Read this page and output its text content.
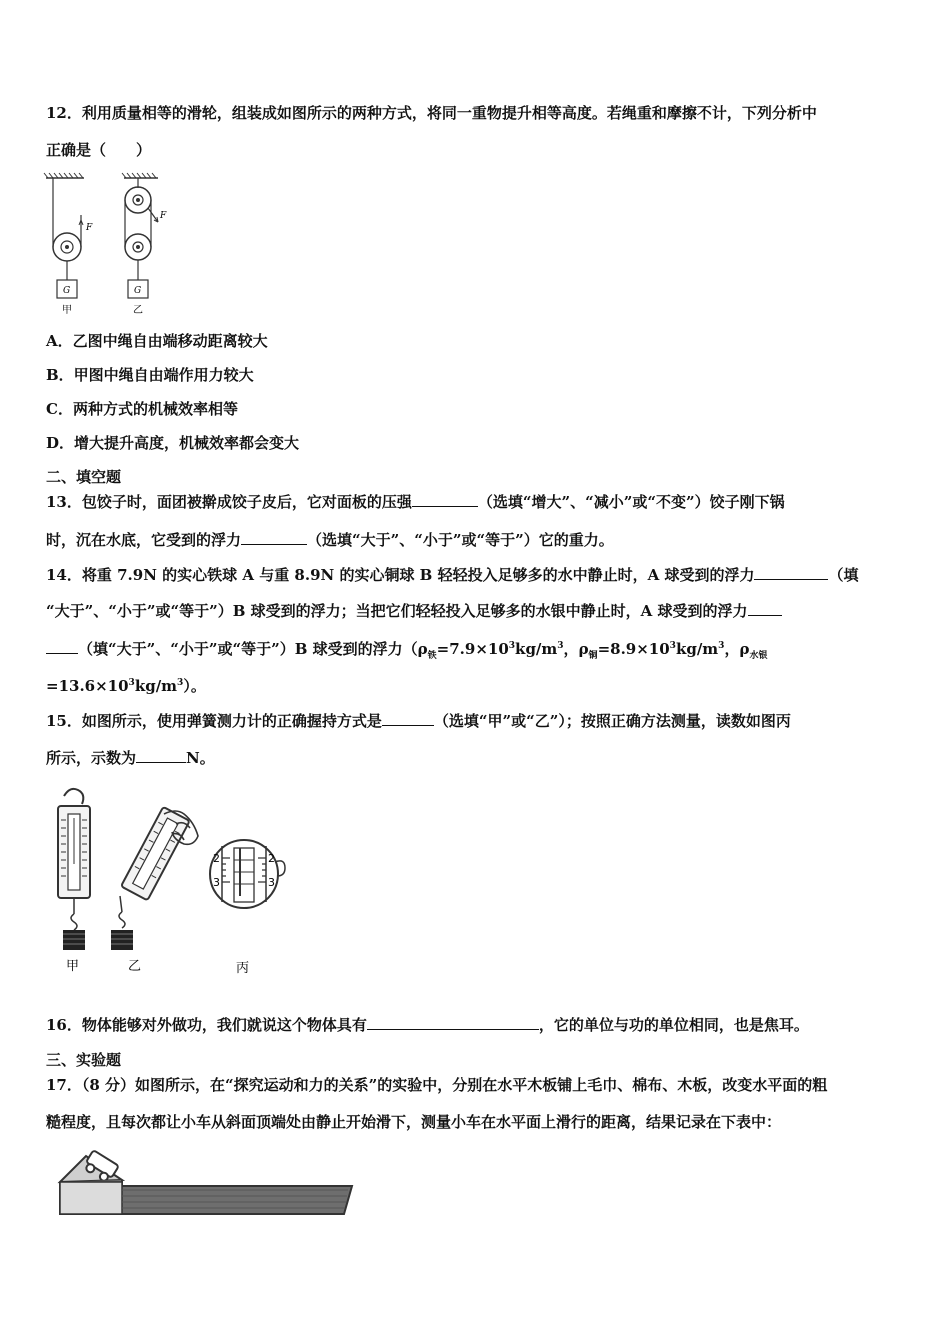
12．利用质量相等的滑轮，组装成如图所示的两种方式，将同一重物提升相等高度。若绳重和摩擦不计，下列分析中
正确是（　　）
F
G
甲
F
G
乙
A．乙图中绳自由端移动距离较大
B．甲图中绳自由端作用力较大
C．两种方式的机械效率相等
D．增大提升高度，机械效率都会变大
二、填空题
13．包饺子时，面团被擀成饺子皮后，它对面板的压强	（选填“增大”、“减小”或“不变”）饺子刚下锅
时，沉在水底，它受到的浮力	（选填“大于”、“小于”或“等于”）它的重力。
14．将重 7.9N 的实心铁球 A 与重 8.9N 的实心铜球 B 轻轻投入足够多的水中静止时，A 球受到的浮力	（填
“大于”、“小于”或“等于”）B 球受到的浮力；当把它们轻轻投入足够多的水银中静止时，A 球受到的浮力
（填“大于”、“小于”或“等于”）B 球受到的浮力（$\rho_铁=7.9\times 10^3kg/m^3$，$\rho_铜=8.9\times 10^3kg/m^3$，$\rho_{水银}$
$=13.6\times 10^3kg/m^3$）。
15．如图所示，使用弹簧测力计的正确握持方式是	（选填“甲”或“乙”）；按照正确方法测量，读数如图丙
所示，示数为	N。
甲	乙
2
3
2
3
丙
16．物体能够对外做功，我们就说这个物体具有	，它的单位与功的单位相同，也是焦耳。
三、实验题
17．（8 分）如图所示，在“探究运动和力的关系”的实验中，分别在水平木板铺上毛巾、棉布、木板，改变水平面的粗
糙程度，且每次都让小车从斜面顶端处由静止开始滑下，测量小车在水平面上滑行的距离，结果记录在下表中：
